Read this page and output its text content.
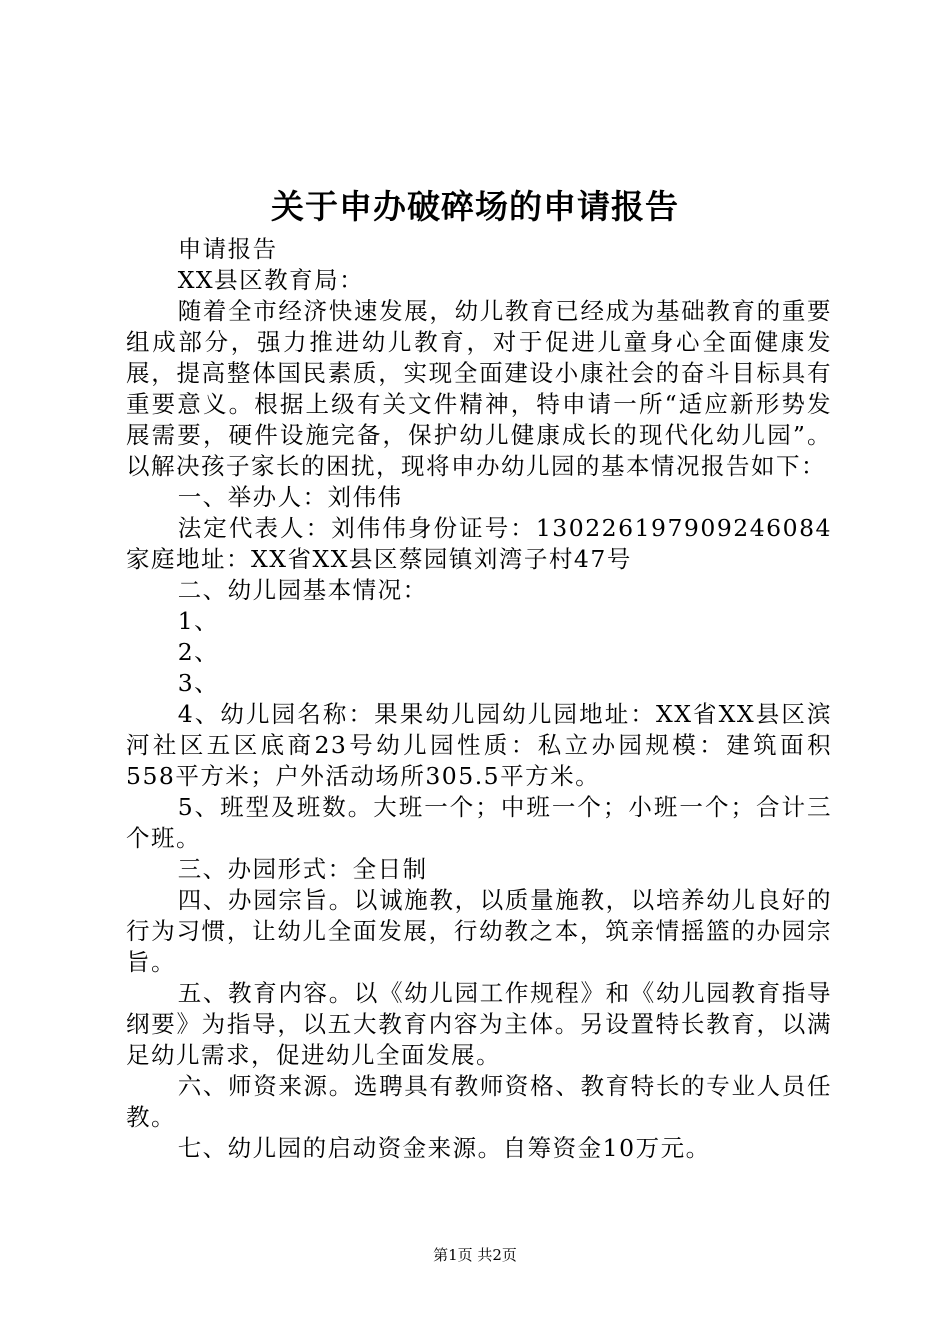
关于申办破碎场的申请报告

申请报告

XX县区教育局：

随着全市经济快速发展，幼儿教育已经成为基础教育的重要组成部分，强力推进幼儿教育，对于促进儿童身心全面健康发展，提高整体国民素质，实现全面建设小康社会的奋斗目标具有重要意义。根据上级有关文件精神，特申请一所“适应新形势发展需要，硬件设施完备，保护幼儿健康成长的现代化幼儿园”。以解决孩子家长的困扰，现将申办幼儿园的基本情况报告如下：

一、举办人：刘伟伟

法定代表人：刘伟伟身份证号：130226197909246084家庭地址：XX省XX县区蔡园镇刘湾子村47号

二、幼儿园基本情况：

1、

2、

3、

4、幼儿园名称：果果幼儿园幼儿园地址：XX省XX县区滨河社区五区底商23号幼儿园性质：私立办园规模：建筑面积558平方米；户外活动场所305.5平方米。

5、班型及班数。大班一个；中班一个；小班一个；合计三个班。

三、办园形式：全日制

四、办园宗旨。以诚施教，以质量施教，以培养幼儿良好的行为习惯，让幼儿全面发展，行幼教之本，筑亲情摇篮的办园宗旨。

五、教育内容。以《幼儿园工作规程》和《幼儿园教育指导纲要》为指导，以五大教育内容为主体。另设置特长教育，以满足幼儿需求，促进幼儿全面发展。

六、师资来源。选聘具有教师资格、教育特长的专业人员任教。

七、幼儿园的启动资金来源。自筹资金10万元。

第1页 共2页
